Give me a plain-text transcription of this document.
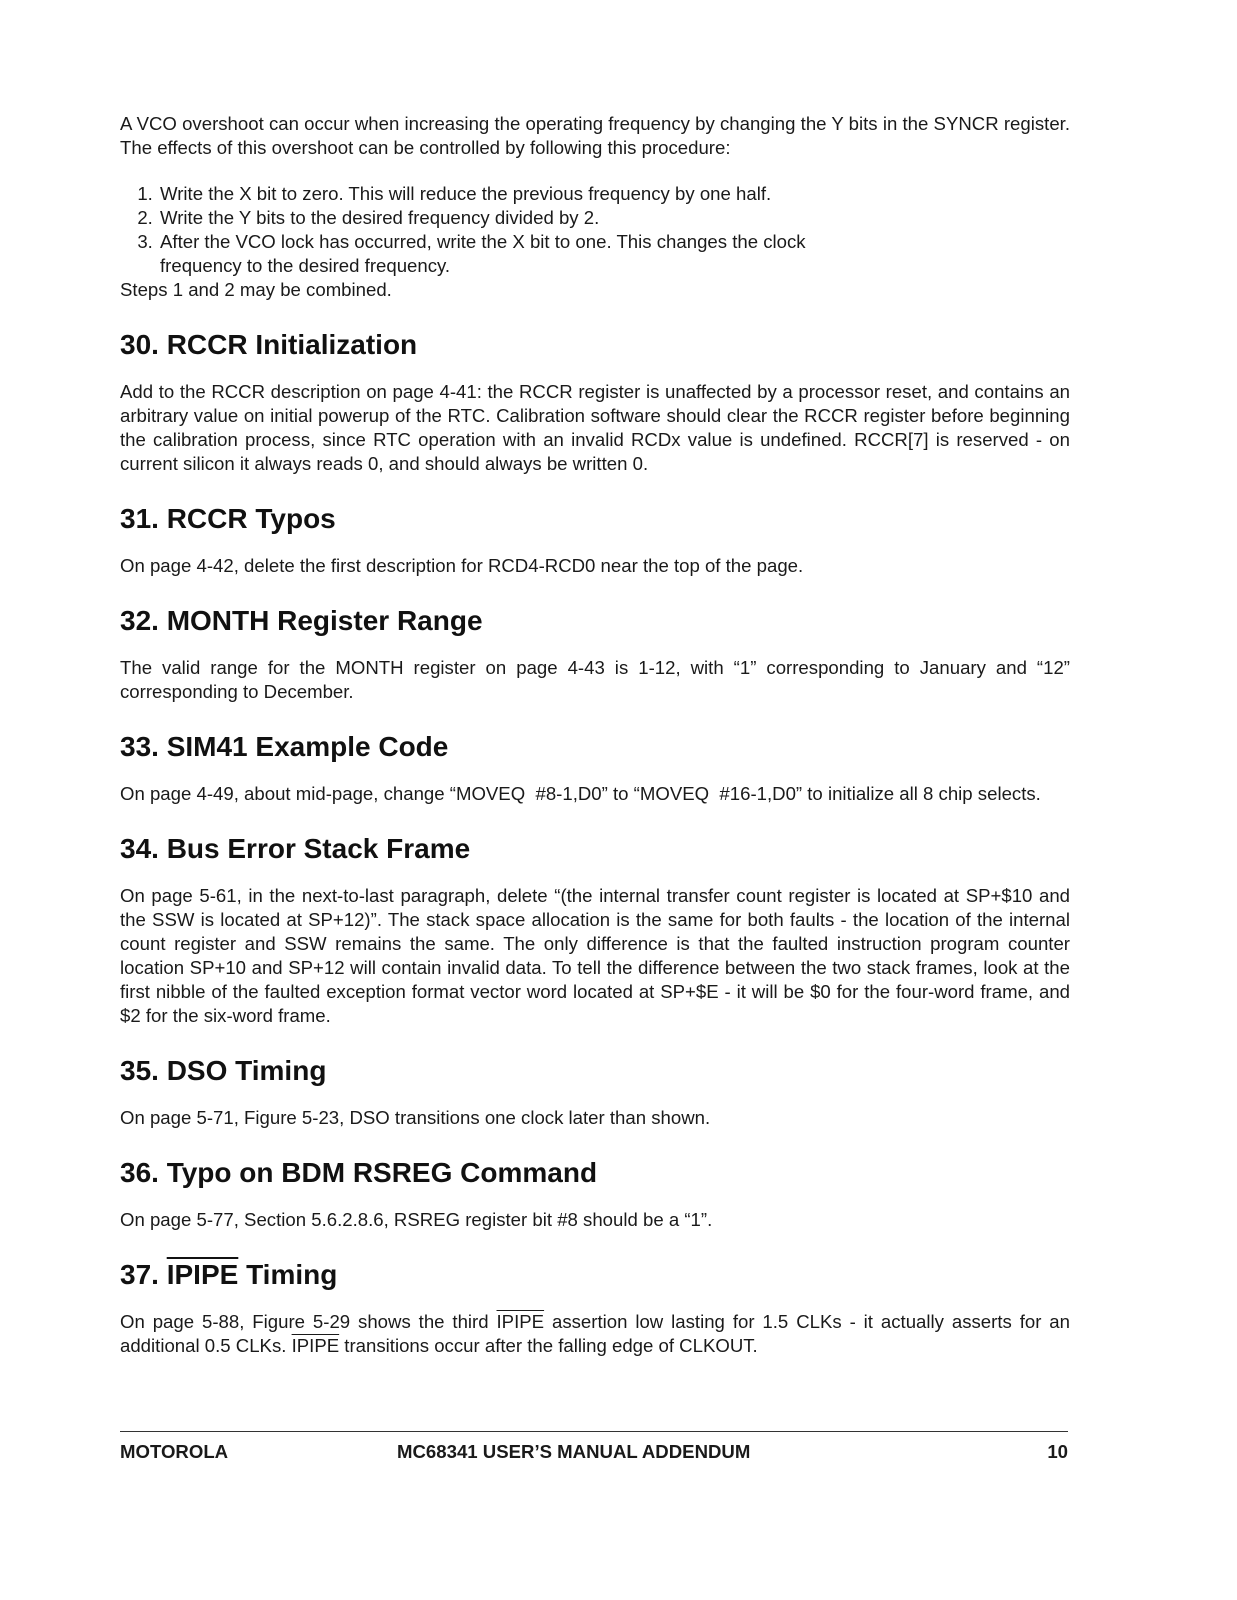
A VCO overshoot can occur when increasing the operating frequency by changing the Y bits in the SYNCR register. The effects of this overshoot can be controlled by following this procedure:

1. Write the X bit to zero. This will reduce the previous frequency by one half.
2. Write the Y bits to the desired frequency divided by 2.
3. After the VCO lock has occurred, write the X bit to one. This changes the clock frequency to the desired frequency.

Steps 1 and 2 may be combined.

30. RCCR Initialization

Add to the RCCR description on page 4-41: the RCCR register is unaffected by a processor reset, and contains an arbitrary value on initial powerup of the RTC. Calibration software should clear the RCCR register before beginning the calibration process, since RTC operation with an invalid RCDx value is undefined. RCCR[7] is reserved - on current silicon it always reads 0, and should always be written 0.

31. RCCR Typos

On page 4-42, delete the first description for RCD4-RCD0 near the top of the page.

32. MONTH Register Range

The valid range for the MONTH register on page 4-43 is 1-12, with “1” corresponding to January and “12” corresponding to December.

33. SIM41 Example Code

On page 4-49, about mid-page, change “MOVEQ  #8-1,D0” to “MOVEQ  #16-1,D0” to initialize all 8 chip selects.

34. Bus Error Stack Frame

On page 5-61, in the next-to-last paragraph, delete “(the internal transfer count register is located at SP+$10 and the SSW is located at SP+12)”. The stack space allocation is the same for both faults - the location of the internal count register and SSW remains the same. The only difference is that the faulted instruction program counter location SP+10 and SP+12 will contain invalid data. To tell the difference between the two stack frames, look at the first nibble of the faulted exception format vector word located at SP+$E - it will be $0 for the four-word frame, and $2 for the six-word frame.

35. DSO Timing

On page 5-71, Figure 5-23, DSO transitions one clock later than shown.

36. Typo on BDM RSREG Command

On page 5-77, Section 5.6.2.8.6, RSREG register bit #8 should be a “1”.

37. IPIPE Timing

On page 5-88, Figure 5-29 shows the third IPIPE assertion low lasting for 1.5 CLKs - it actually asserts for an additional 0.5 CLKs. IPIPE transitions occur after the falling edge of CLKOUT.

MOTOROLA	MC68341 USER’S MANUAL ADDENDUM	10
